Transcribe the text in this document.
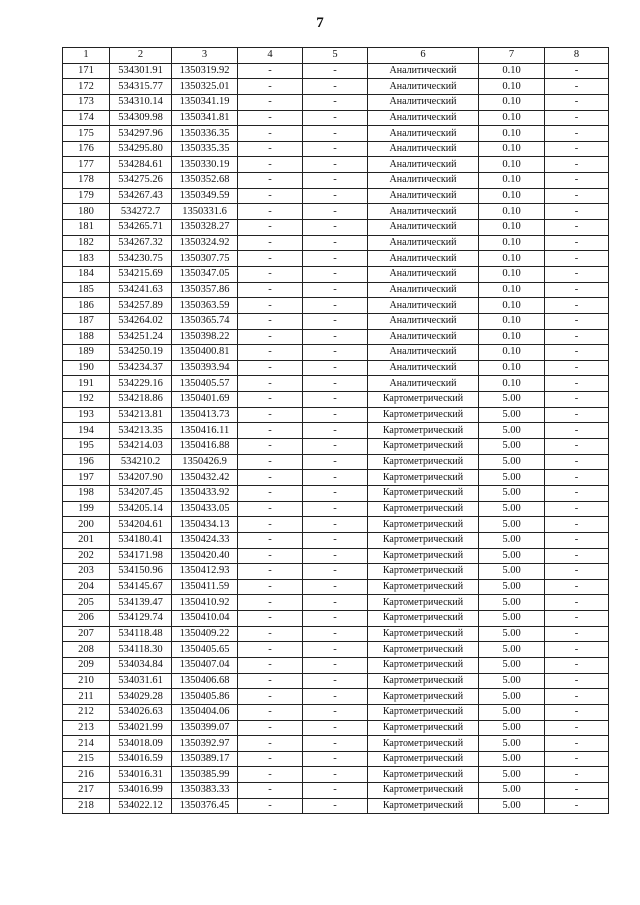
7
1	2	3	4	5	6	7	8
171	534301.91	1350319.92	-	-	Аналитический	0.10	-
172	534315.77	1350325.01	-	-	Аналитический	0.10	-
173	534310.14	1350341.19	-	-	Аналитический	0.10	-
174	534309.98	1350341.81	-	-	Аналитический	0.10	-
175	534297.96	1350336.35	-	-	Аналитический	0.10	-
176	534295.80	1350335.35	-	-	Аналитический	0.10	-
177	534284.61	1350330.19	-	-	Аналитический	0.10	-
178	534275.26	1350352.68	-	-	Аналитический	0.10	-
179	534267.43	1350349.59	-	-	Аналитический	0.10	-
180	534272.7	1350331.6	-	-	Аналитический	0.10	-
181	534265.71	1350328.27	-	-	Аналитический	0.10	-
182	534267.32	1350324.92	-	-	Аналитический	0.10	-
183	534230.75	1350307.75	-	-	Аналитический	0.10	-
184	534215.69	1350347.05	-	-	Аналитический	0.10	-
185	534241.63	1350357.86	-	-	Аналитический	0.10	-
186	534257.89	1350363.59	-	-	Аналитический	0.10	-
187	534264.02	1350365.74	-	-	Аналитический	0.10	-
188	534251.24	1350398.22	-	-	Аналитический	0.10	-
189	534250.19	1350400.81	-	-	Аналитический	0.10	-
190	534234.37	1350393.94	-	-	Аналитический	0.10	-
191	534229.16	1350405.57	-	-	Аналитический	0.10	-
192	534218.86	1350401.69	-	-	Картометрический	5.00	-
193	534213.81	1350413.73	-	-	Картометрический	5.00	-
194	534213.35	1350416.11	-	-	Картометрический	5.00	-
195	534214.03	1350416.88	-	-	Картометрический	5.00	-
196	534210.2	1350426.9	-	-	Картометрический	5.00	-
197	534207.90	1350432.42	-	-	Картометрический	5.00	-
198	534207.45	1350433.92	-	-	Картометрический	5.00	-
199	534205.14	1350433.05	-	-	Картометрический	5.00	-
200	534204.61	1350434.13	-	-	Картометрический	5.00	-
201	534180.41	1350424.33	-	-	Картометрический	5.00	-
202	534171.98	1350420.40	-	-	Картометрический	5.00	-
203	534150.96	1350412.93	-	-	Картометрический	5.00	-
204	534145.67	1350411.59	-	-	Картометрический	5.00	-
205	534139.47	1350410.92	-	-	Картометрический	5.00	-
206	534129.74	1350410.04	-	-	Картометрический	5.00	-
207	534118.48	1350409.22	-	-	Картометрический	5.00	-
208	534118.30	1350405.65	-	-	Картометрический	5.00	-
209	534034.84	1350407.04	-	-	Картометрический	5.00	-
210	534031.61	1350406.68	-	-	Картометрический	5.00	-
211	534029.28	1350405.86	-	-	Картометрический	5.00	-
212	534026.63	1350404.06	-	-	Картометрический	5.00	-
213	534021.99	1350399.07	-	-	Картометрический	5.00	-
214	534018.09	1350392.97	-	-	Картометрический	5.00	-
215	534016.59	1350389.17	-	-	Картометрический	5.00	-
216	534016.31	1350385.99	-	-	Картометрический	5.00	-
217	534016.99	1350383.33	-	-	Картометрический	5.00	-
218	534022.12	1350376.45	-	-	Картометрический	5.00	-
